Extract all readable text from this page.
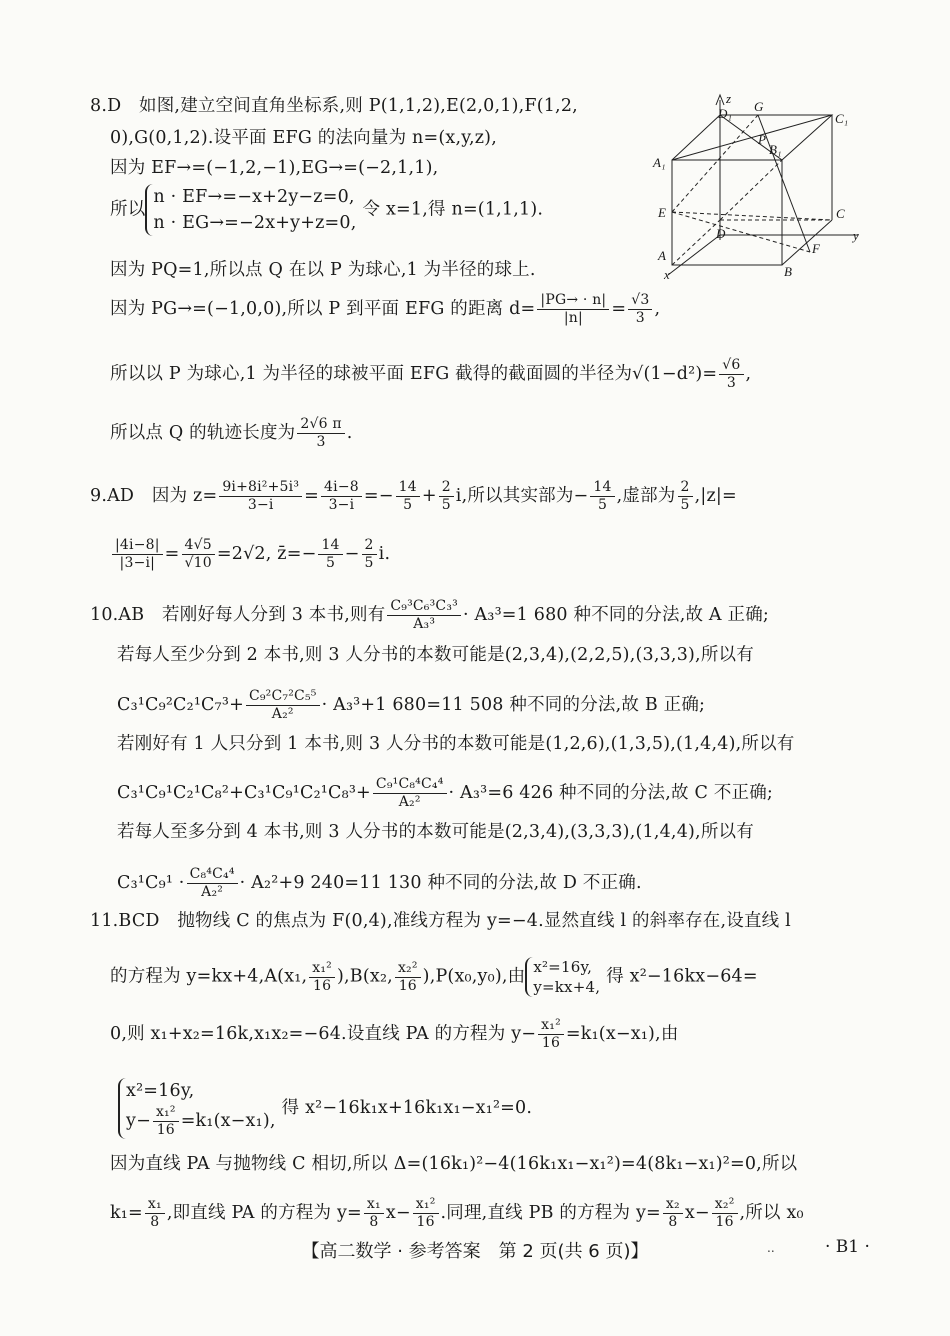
8.D　如图,建立空间直角坐标系,则 P(1,1,2),E(2,0,1),F(1,2,
0),G(0,1,2).设平面 EFG 的法向量为 n=(x,y,z),
因为 EF→=(−1,2,−1),EG→=(−2,1,1),
所以
n · EF→=−x+2y−z=0,
n · EG→=−2x+y+z=0,
令 x=1,得 n=(1,1,1).
因为 PQ=1,所以点 Q 在以 P 为球心,1 为半径的球上.
因为 PG→=(−1,0,0),所以 P 到平面 EFG 的距离 $d= \frac{|PG\to \cdot n|}{|n|} = \frac{√3}{3}$ ,
所以以 P 为球心,1 为半径的球被平面 EFG 截得的截面圆的半径为$√(1-d^2)= \frac{√6}{3}$ ,
所以点 Q 的轨迹长度为 $\frac{2√6 \pi}{3}$ .
z
y
x
D₁ G
C₁
A₁
P
B₁
E	C
D
F
A
B
9.AD　因为 $z= \frac{\text{9i+8i²+5i³}}{3-i} = \frac{4i-8}{3-i} =- \frac{14}{5} + \frac{2}{5} i$,所以其实部为− $\frac{14}{5}$ ,虚部为 $\frac{2}{5} ,|z|=$
$\frac{|4i-8|}{|3-i|} = \frac{4√5}{√10} =2√2$, z̄=− $\frac{14}{5} - \frac{2}{5} i$.
10.AB　若刚好每人分到 3 本书,则有 $\frac{\text{C₉³C₆³C₃³}}{\text{A₃³}} \cdot A_3^3=1$ 680 种不同的分法,故 A 正确;
若每人至少分到 2 本书,则 3 人分书的本数可能是(2,3,4),(2,2,5),(3,3,3),所以有
$C_3^1C_9^2C_2^1C_7^3+ \frac{\text{C₉²C₇²C₅⁵}}{\text{A₂²}} \cdot A_3^3+1$ 680=11 508 种不同的分法,故 B 正确;
若刚好有 1 人只分到 1 本书,则 3 人分书的本数可能是(1,2,6),(1,3,5),(1,4,4),所以有
$C_3^1C_9^1C_2^1C_8^2+C_3^1C_9^1C_2^1C_8^3+ \frac{\text{C₉¹C₈⁴C₄⁴}}{\text{A₂²}} \cdot A_3^3=6$ 426 种不同的分法,故 C 不正确;
若每人至多分到 4 本书,则 3 人分书的本数可能是(2,3,4),(3,3,3),(1,4,4),所以有
$C_3^1C_9^1 \cdot \frac{\text{C₈⁴C₄⁴}}{\text{A₂²}} \cdot A_2^2+9$ 240=11 130 种不同的分法,故 D 不正确.
11.BCD　抛物线 C 的焦点为 F(0,4),准线方程为 y=−4.显然直线 l 的斜率存在,设直线 l
的方程为 y=kx+4,A(x₁, $\frac{\text{x₁²}}{16} ),B(x_2$, $\frac{\text{x₂²}}{16} ),P(x_0,y_0)$,由 x²=16y,
y=kx+4,
得 x²−16kx−64=
0,则 x₁+x₂=16k,x₁x₂=−64.设直线 PA 的方程为 $y- \frac{\text{x₁²}}{16} =k_1(x-x_1)$,由
x²=16y,
$y- \frac{\text{x₁²}}{16} =k_1(x-x_1)$,
得 x²−16k₁x+16k₁x₁−x₁²=0.
因为直线 PA 与抛物线 C 相切,所以 Δ=(16k₁)²−4(16k₁x₁−x₁²)=4(8k₁−x₁)²=0,所以
$k_1= \frac{\text{x₁}}{8}$ ,即直线 PA 的方程为 $y= \frac{\text{x₁}}{8} x- \frac{\text{x₁²}}{16}$ .同理,直线 PB 的方程为 $y= \frac{\text{x₂}}{8} x- \frac{\text{x₂²}}{16}$ ,所以 x₀
【高二数学 · 参考答案　第 2 页(共 6 页)】	..	· B1 ·
